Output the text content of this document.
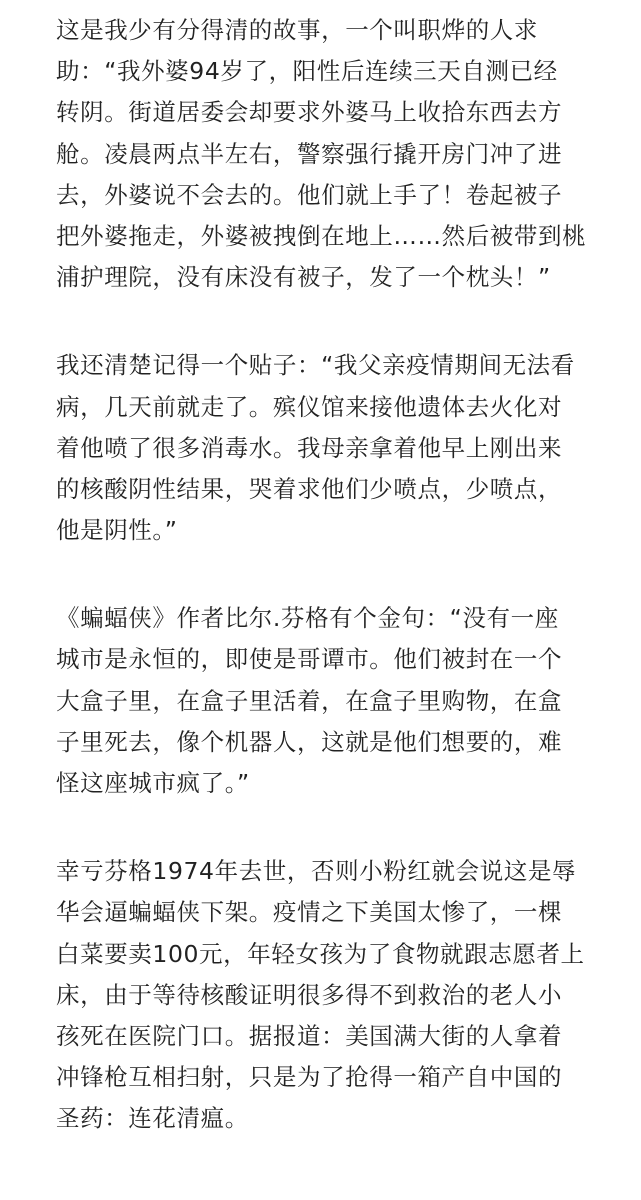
这是我少有分得清的故事，一个叫职烨的人求
助：“我外婆94岁了，阳性后连续三天自测已经
转阴。街道居委会却要求外婆马上收拾东西去方
舱。凌晨两点半左右，警察强行撬开房门冲了进
去，外婆说不会去的。他们就上手了！卷起被子
把外婆拖走，外婆被拽倒在地上……然后被带到桃
浦护理院，没有床没有被子，发了一个枕头！”
我还清楚记得一个贴子：“我父亲疫情期间无法看
病，几天前就走了。殡仪馆来接他遗体去火化对
着他喷了很多消毒水。我母亲拿着他早上刚出来
的核酸阴性结果，哭着求他们少喷点，少喷点，
他是阴性。”
《蝙蝠侠》作者比尔.芬格有个金句：“没有一座
城市是永恒的，即使是哥谭市。他们被封在一个
大盒子里，在盒子里活着，在盒子里购物，在盒
子里死去，像个机器人，这就是他们想要的，难
怪这座城市疯了。”
幸亏芬格1974年去世，否则小粉红就会说这是辱
华会逼蝙蝠侠下架。疫情之下美国太惨了，一棵
白菜要卖100元，年轻女孩为了食物就跟志愿者上
床，由于等待核酸证明很多得不到救治的老人小
孩死在医院门口。据报道：美国满大街的人拿着
冲锋枪互相扫射，只是为了抢得一箱产自中国的
圣药：连花清瘟。
